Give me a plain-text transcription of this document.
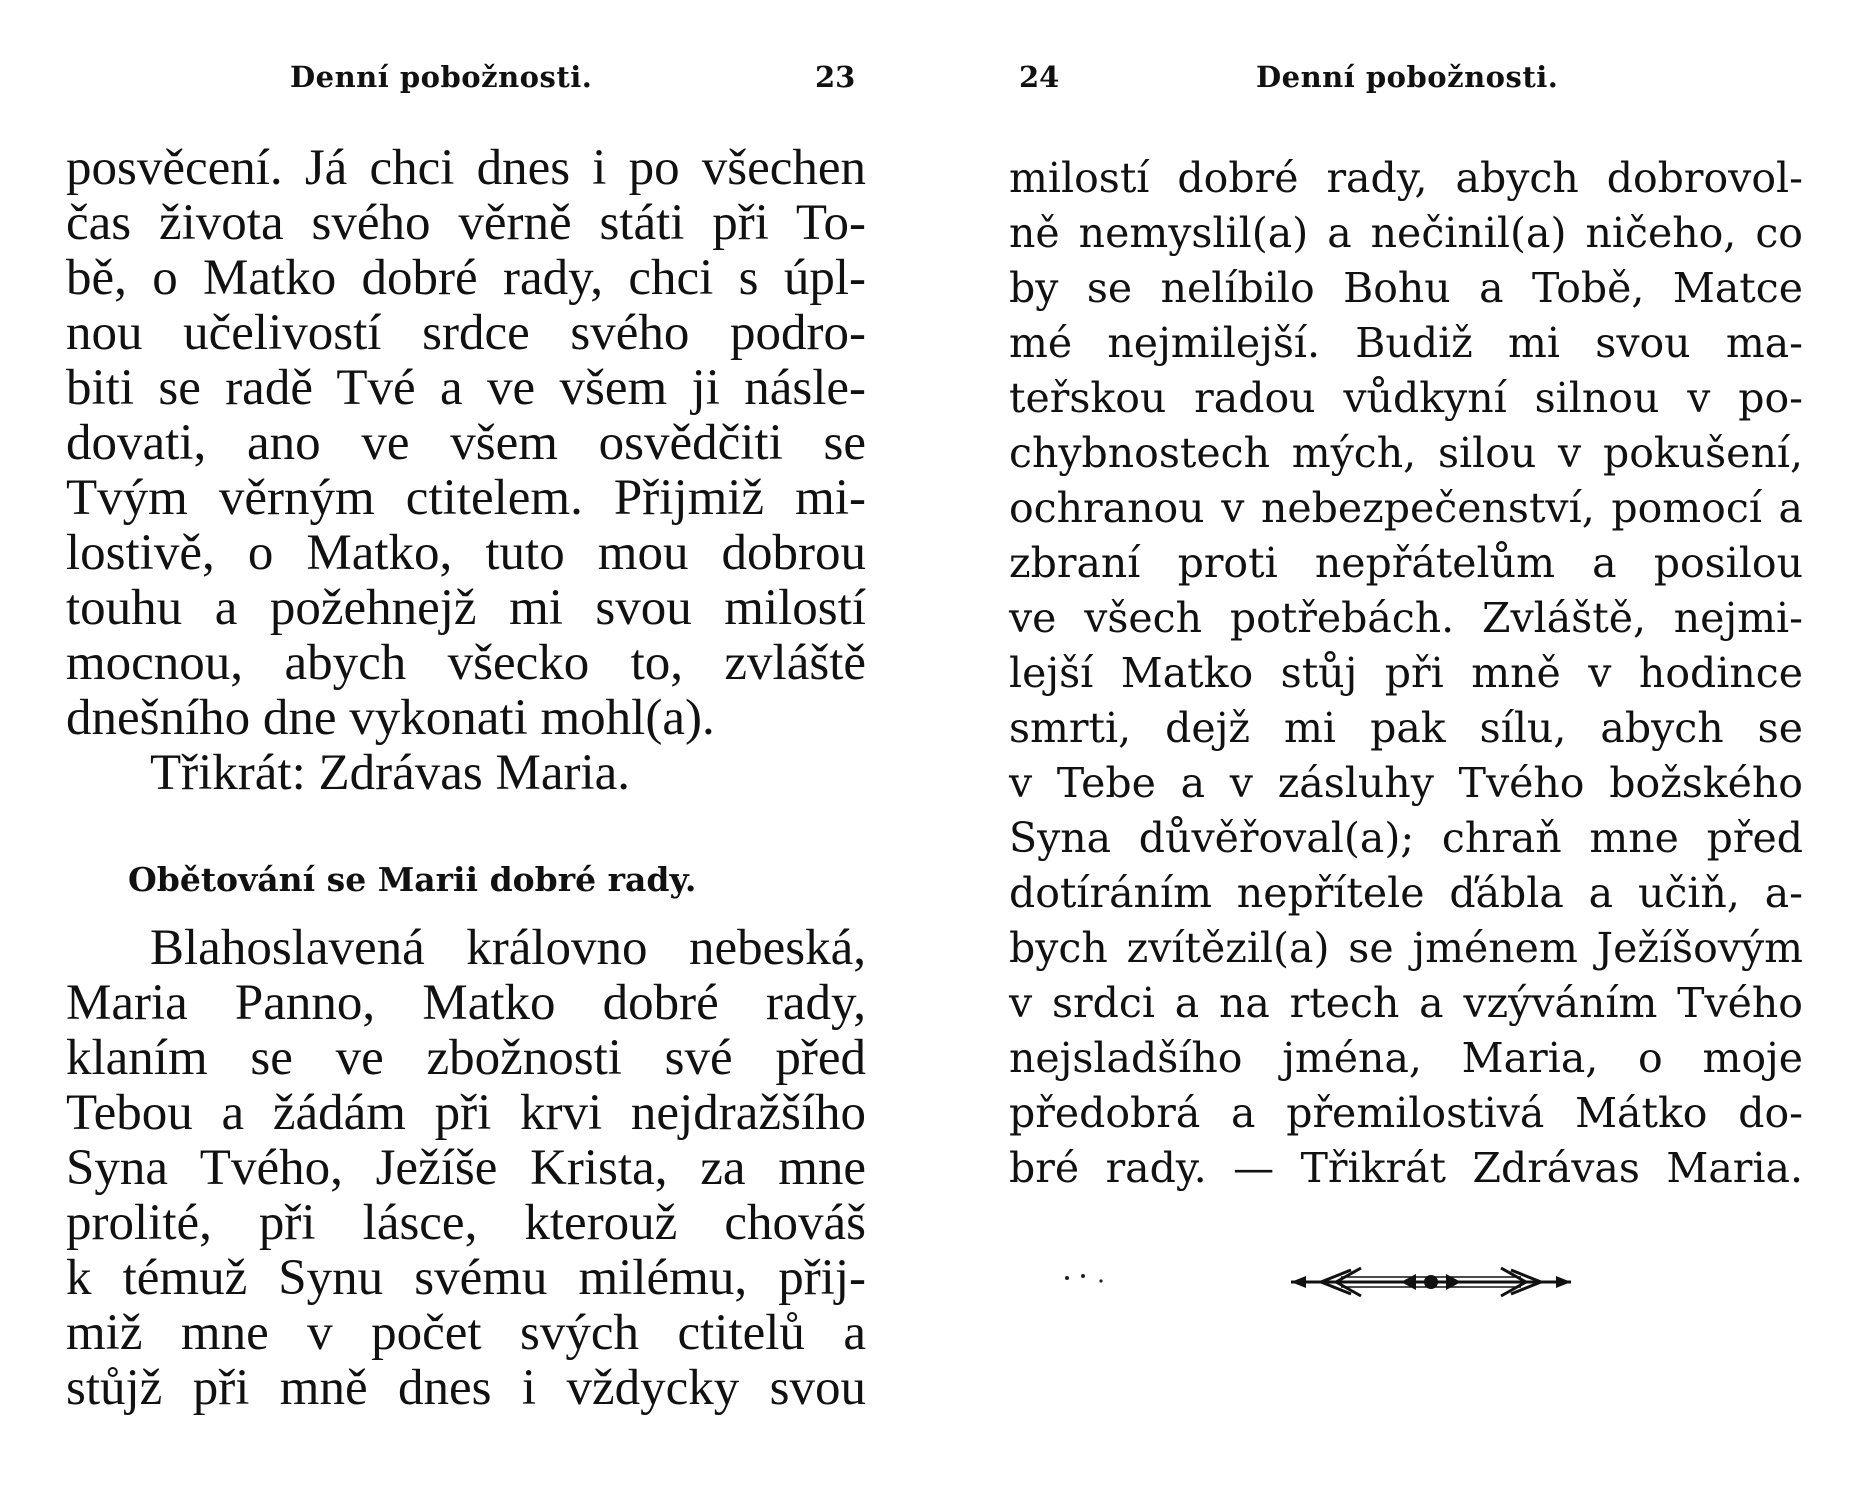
Denní pobožnosti.	23
posvěcení. Já chci dnes i po všechen
čas života svého věrně státi při To-
bě, o Matko dobré rady, chci s úpl-
nou učelivostí srdce svého podro-
biti se radě Tvé a ve všem ji násle-
dovati, ano ve všem osvědčiti se
Tvým věrným ctitelem. Přijmiž mi-
lostivě, o Matko, tuto mou dobrou
touhu a požehnejž mi svou milostí
mocnou, abych všecko to, zvláště
dnešního dne vykonati mohl(a).
Třikrát: Zdrávas Maria.
Obětování se Marii dobré rady.
Blahoslavená královno nebeská,
Maria Panno, Matko dobré rady,
klaním se ve zbožnosti své před
Tebou a žádám při krvi nejdražšího
Syna Tvého, Ježíše Krista, za mne
prolité, při lásce, kterouž chováš
k témuž Synu svému milému, přij-
miž mne v počet svých ctitelů a
stůjž při mně dnes i vždycky svou
24	Denní pobožnosti.
milostí dobré rady, abych dobrovol-
ně nemyslil(a) a nečinil(a) ničeho, co
by se nelíbilo Bohu a Tobě, Matce
mé nejmilejší. Budiž mi svou ma-
teřskou radou vůdkyní silnou v po-
chybnostech mých, silou v pokušení,
ochranou v nebezpečenství, pomocí a
zbraní proti nepřátelům a posilou
ve všech potřebách. Zvláště, nejmi-
lejší Matko stůj při mně v hodince
smrti, dejž mi pak sílu, abych se
v Tebe a v zásluhy Tvého božského
Syna důvěřoval(a); chraň mne před
dotíráním nepřítele ďábla a učiň, a-
bych zvítězil(a) se jménem Ježíšovým
v srdci a na rtech a vzýváním Tvého
nejsladšího jména, Maria, o moje
předobrá a přemilostivá Mátko do-
bré rady. — Třikrát Zdrávas Maria.
